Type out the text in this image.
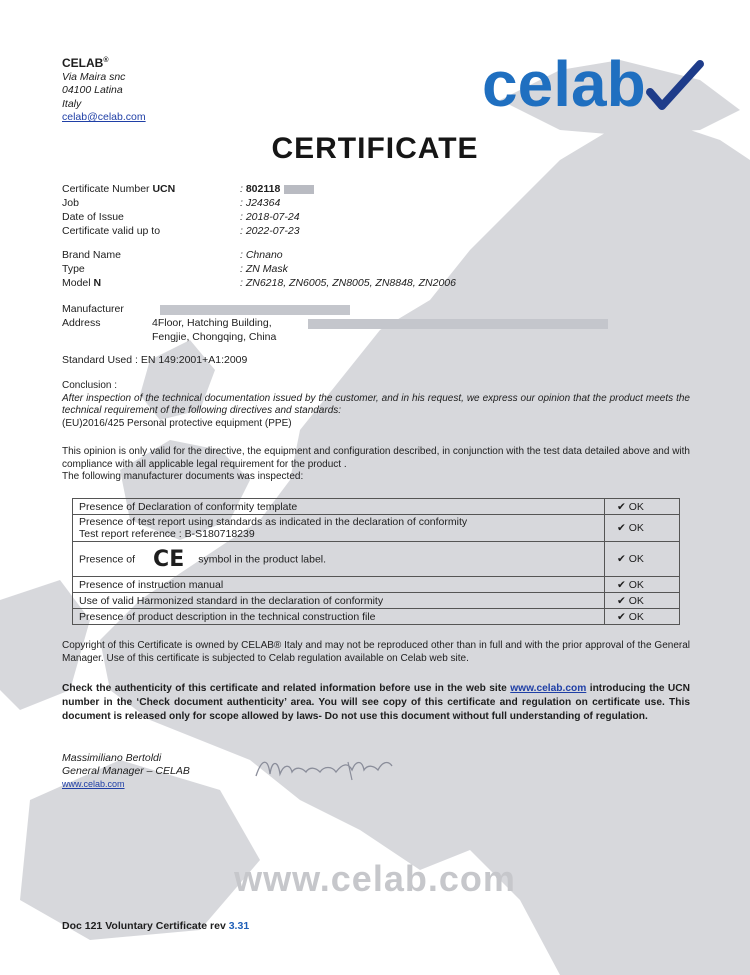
CELAB®
Via Maira snc
04100 Latina
Italy
celab@celab.com	celab
CERTIFICATE
Certificate Number UCN	: 802118
Job	: J24364
Date of Issue	: 2018-07-24
Certificate valid up to	: 2022-07-23
Brand Name	: Chnano
Type	: ZN Mask
Model N	: ZN6218, ZN6005, ZN8005, ZN8848, ZN2006
Manufacturer
Address	4Floor, Hatching Building,
Fengjie, Chongqing, China
Standard Used : EN 149:2001+A1:2009
Conclusion :
After inspection of the technical documentation issued by the customer, and in his request, we express our opinion that the product meets the technical requirement of the following directives and standards:
(EU)2016/425 Personal protective equipment (PPE)
This opinion is only valid for the directive, the equipment and configuration described, in conjunction with the test data detailed above and with compliance with all applicable legal requirement for the product .
The following manufacturer documents was inspected:
Presence of Declaration of conformity template	✔ OK

Presence of test report using standards as indicated in the declaration of conformity
Test report reference : B-S180718239	✔ OK
Presence of CE symbol in the product label.	✔ OK
Presence of instruction manual	✔ OK
Use of valid Harmonized standard in the declaration of conformity	✔ OK
Presence of product description in the technical construction file	✔ OK
Copyright of this Certificate is owned by CELAB® Italy and may not be reproduced other than in full and with the prior approval of the General Manager. Use of this certificate is subjected to Celab regulation available on Celab web site.
Check the authenticity of this certificate and related information before use in the web site www.celab.com introducing the UCN number in the ‘Check document authenticity’ area. You will see copy of this certificate and regulation on certificate use. This document is released only for scope allowed by laws- Do not use this document without full understanding of regulation.
Massimiliano Bertoldi
General Manager – CELAB
www.celab.com
www.celab.com
Doc 121 Voluntary Certificate rev 3.31
